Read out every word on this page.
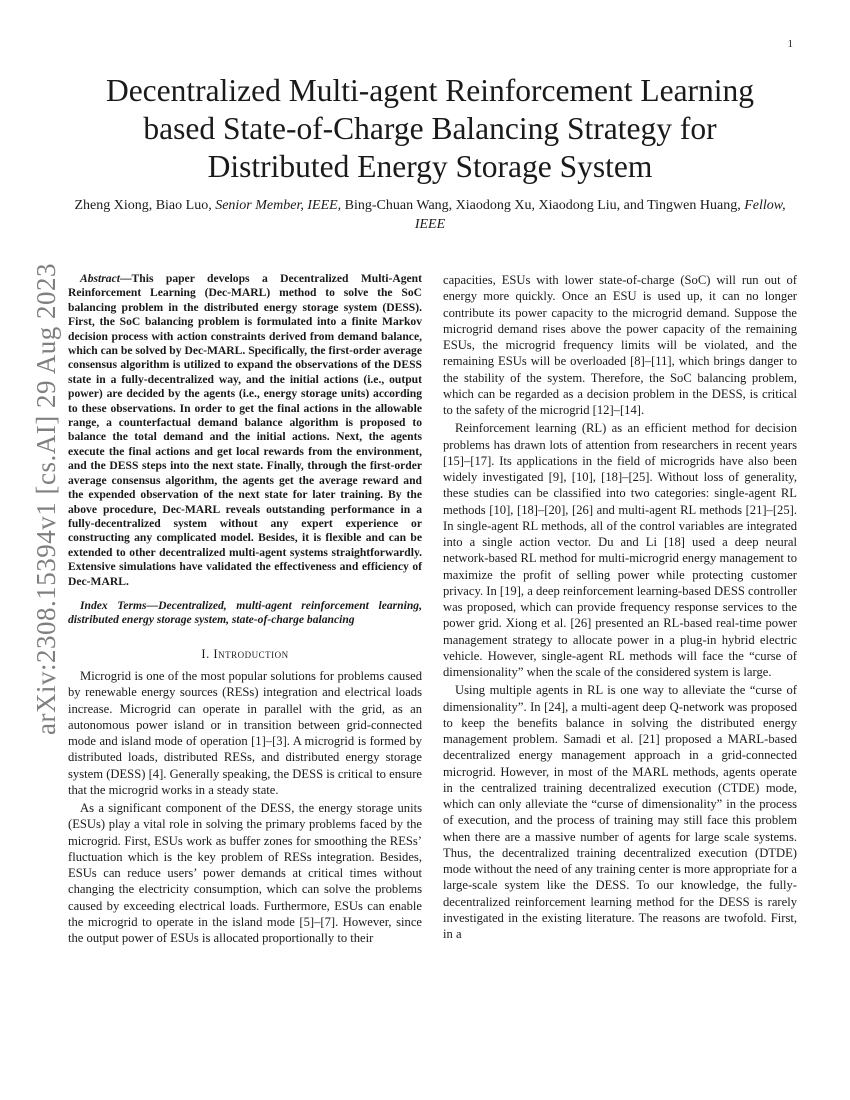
1
arXiv:2308.15394v1 [cs.AI] 29 Aug 2023
Decentralized Multi-agent Reinforcement Learning based State-of-Charge Balancing Strategy for Distributed Energy Storage System
Zheng Xiong, Biao Luo, Senior Member, IEEE, Bing-Chuan Wang, Xiaodong Xu, Xiaodong Liu, and Tingwen Huang, Fellow, IEEE

Abstract—This paper develops a Decentralized Multi-Agent Reinforcement Learning (Dec-MARL) method to solve the SoC balancing problem in the distributed energy storage system (DESS). First, the SoC balancing problem is formulated into a finite Markov decision process with action constraints derived from demand balance, which can be solved by Dec-MARL. Specifically, the first-order average consensus algorithm is utilized to expand the observations of the DESS state in a fully-decentralized way, and the initial actions (i.e., output power) are decided by the agents (i.e., energy storage units) according to these observations. In order to get the final actions in the allowable range, a counterfactual demand balance algorithm is proposed to balance the total demand and the initial actions. Next, the agents execute the final actions and get local rewards from the environment, and the DESS steps into the next state. Finally, through the first-order average consensus algorithm, the agents get the average reward and the expended observation of the next state for later training. By the above procedure, Dec-MARL reveals outstanding performance in a fully-decentralized system without any expert experience or constructing any complicated model. Besides, it is flexible and can be extended to other decentralized multi-agent systems straightforwardly. Extensive simulations have validated the effectiveness and efficiency of Dec-MARL.

Index Terms—Decentralized, multi-agent reinforcement learning, distributed energy storage system, state-of-charge balancing

I. Introduction

Microgrid is one of the most popular solutions for problems caused by renewable energy sources (RESs) integration and electrical loads increase. Microgrid can operate in parallel with the grid, as an autonomous power island or in transition between grid-connected mode and island mode of operation [1]–[3]. A microgrid is formed by distributed loads, distributed RESs, and distributed energy storage system (DESS) [4]. Generally speaking, the DESS is critical to ensure that the microgrid works in a steady state.

As a significant component of the DESS, the energy storage units (ESUs) play a vital role in solving the primary problems faced by the microgrid. First, ESUs work as buffer zones for smoothing the RESs’ fluctuation which is the key problem of RESs integration. Besides, ESUs can reduce users’ power demands at critical times without changing the electricity consumption, which can solve the problems caused by exceeding electrical loads. Furthermore, ESUs can enable the microgrid to operate in the island mode [5]–[7]. However, since the output power of ESUs is allocated proportionally to their

capacities, ESUs with lower state-of-charge (SoC) will run out of energy more quickly. Once an ESU is used up, it can no longer contribute its power capacity to the microgrid demand. Suppose the microgrid demand rises above the power capacity of the remaining ESUs, the microgrid frequency limits will be violated, and the remaining ESUs will be overloaded [8]–[11], which brings danger to the stability of the system. Therefore, the SoC balancing problem, which can be regarded as a decision problem in the DESS, is critical to the safety of the microgrid [12]–[14].

Reinforcement learning (RL) as an efficient method for decision problems has drawn lots of attention from researchers in recent years [15]–[17]. Its applications in the field of microgrids have also been widely investigated [9], [10], [18]–[25]. Without loss of generality, these studies can be classified into two categories: single-agent RL methods [10], [18]–[20], [26] and multi-agent RL methods [21]–[25]. In single-agent RL methods, all of the control variables are integrated into a single action vector. Du and Li [18] used a deep neural network-based RL method for multi-microgrid energy management to maximize the profit of selling power while protecting customer privacy. In [19], a deep reinforcement learning-based DESS controller was proposed, which can provide frequency response services to the power grid. Xiong et al. [26] presented an RL-based real-time power management strategy to allocate power in a plug-in hybrid electric vehicle. However, single-agent RL methods will face the “curse of dimensionality” when the scale of the considered system is large.

Using multiple agents in RL is one way to alleviate the “curse of dimensionality”. In [24], a multi-agent deep Q-network was proposed to keep the benefits balance in solving the distributed energy management problem. Samadi et al. [21] proposed a MARL-based decentralized energy management approach in a grid-connected microgrid. However, in most of the MARL methods, agents operate in the centralized training decentralized execution (CTDE) mode, which can only alleviate the “curse of dimensionality” in the process of execution, and the process of training may still face this problem when there are a massive number of agents for large scale systems. Thus, the decentralized training decentralized execution (DTDE) mode without the need of any training center is more appropriate for a large-scale system like the DESS. To our knowledge, the fully-decentralized reinforcement learning method for the DESS is rarely investigated in the existing literature. The reasons are twofold. First, in a
